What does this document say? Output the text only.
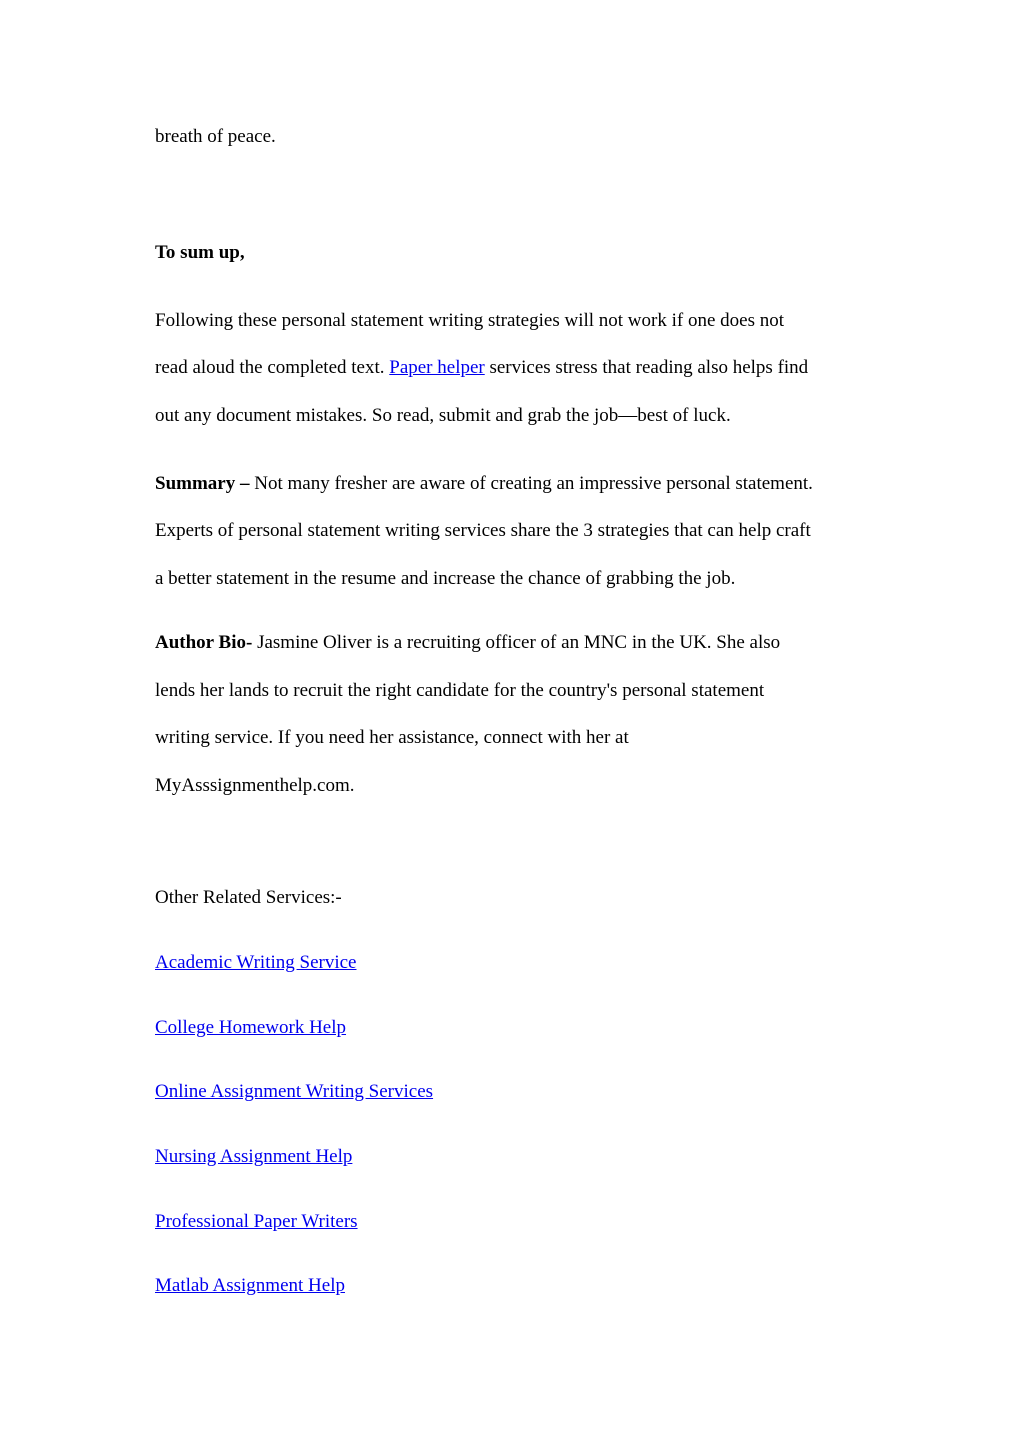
breath of peace.
To sum up,
Following these personal statement writing strategies will not work if one does not
read aloud the completed text. Paper helper services stress that reading also helps find
out any document mistakes. So read, submit and grab the job—best of luck.
Summary – Not many fresher are aware of creating an impressive personal statement.
Experts of personal statement writing services share the 3 strategies that can help craft
a better statement in the resume and increase the chance of grabbing the job.
Author Bio- Jasmine Oliver is a recruiting officer of an MNC in the UK. She also
lends her lands to recruit the right candidate for the country's personal statement
writing service. If you need her assistance, connect with her at
MyAsssignmenthelp.com.
Other Related Services:-
Academic Writing Service
College Homework Help
Online Assignment Writing Services
Nursing Assignment Help
Professional Paper Writers
Matlab Assignment Help
